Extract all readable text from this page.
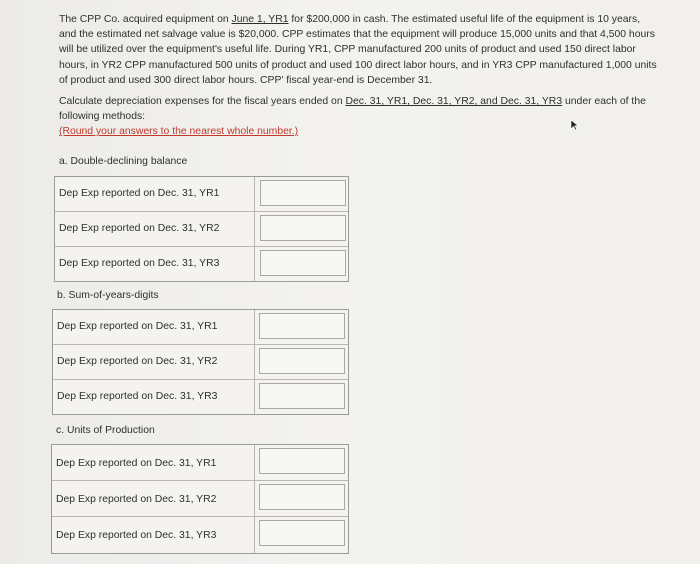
The CPP Co. acquired equipment on June 1, YR1 for $200,000 in cash. The estimated useful life of the equipment is 10 years, and the estimated net salvage value is $20,000. CPP estimates that the equipment will produce 15,000 units and that 4,500 hours will be utilized over the equipment's useful life. During YR1, CPP manufactured 200 units of product and used 150 direct labor hours, in YR2 CPP manufactured 500 units of product and used 100 direct labor hours, and in YR3 CPP manufactured 1,000 units of product and used 300 direct labor hours. CPP' fiscal year-end is December 31.

Calculate depreciation expenses for the fiscal years ended on Dec. 31, YR1, Dec. 31, YR2, and Dec. 31, YR3 under each of the following methods:
(Round your answers to the nearest whole number.)

a. Double-declining balance
Dep Exp reported on Dec. 31, YR1
Dep Exp reported on Dec. 31, YR2
Dep Exp reported on Dec. 31, YR3
b. Sum-of-years-digits
Dep Exp reported on Dec. 31, YR1
Dep Exp reported on Dec. 31, YR2
Dep Exp reported on Dec. 31, YR3
c. Units of Production
Dep Exp reported on Dec. 31, YR1
Dep Exp reported on Dec. 31, YR2
Dep Exp reported on Dec. 31, YR3
